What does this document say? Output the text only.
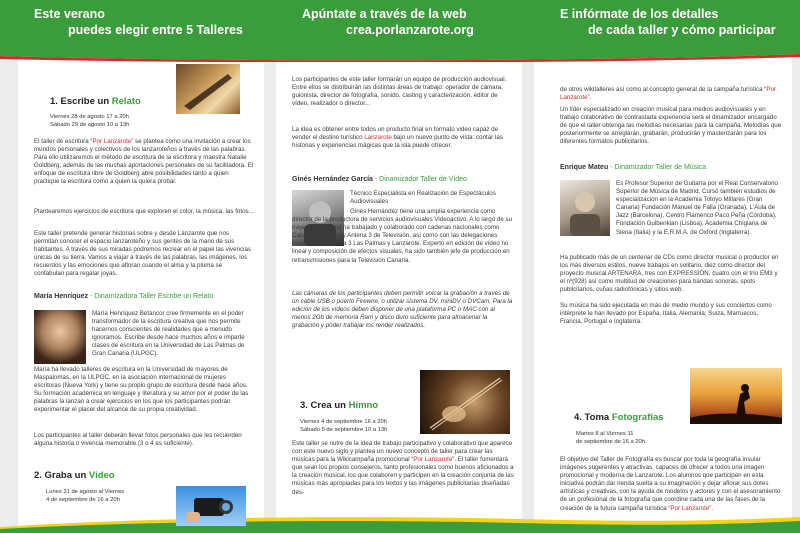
Este verano
puedes elegir entre 5 Talleres
Apúntate a través de la web
crea.porlanzarote.org
E infórmate de los detalles
de cada taller y cómo participar
1. Escribe un Relato
Viernes 28 de agosto 17 a 20h
Sábado 29 de agosto 10 a 13h
El taller de escritura “Por Lanzarote” se plantea como una invitación a crear los mundos personales y colectivos de los lanzaroteños a través de las palabras. Para ello utilizaremos el método de escritura de la escritora y maestra Natalie Goldberg, además de las muchas aportaciones personales de su facilitadora. El enfoque de escritura libre de Goldberg abre posibilidades tanto a quien practique la escritura como a quien la quiera probar.
Plantearemos ejercicios de escritura que exploren el color, la música, las fotos...
Este taller pretende generar historias sobre y desde Lanzarote que nos permitan conocer el espacio lanzaroteño y sus gentes de la mano de sus habitantes. A través de sus miradas podremos recrear en el papel las vivencias únicas de su tierra. Vamos a viajar a través de las palabras, las imágenes, los recuerdos y las emociones que afloran cuando el alma y la pluma se confabulan para regalar joyas.
María Henríquez - Dinamizadora Taller Escribe un Relato
María Henríquez Betancor cree firmemente en el poder transformador de la escritura creativa que nos permite hacernos conscientes de realidades que a menudo ignoramos. Escribe desde hace muchos años e imparte clases de escritura en la Universidad de Las Palmas de Gran Canaria (ULPGC).
María ha llevado talleres de escritura en la Universidad de mayores de Maspalomas, en la ULPGC, en la asociación internacional de mujeres escritoras (Nueva York) y tiene su propio grupo de escritura desde hace años. Su formación académica en lenguaje y literatura y su amor por el poder de las palabras la lanzan a crear ejercicios en los que los participantes podrán experimentar el placer del alcance de su propia creatividad.
Los participantes al taller deberán llevar fotos personales que les recuerden alguna historia o vivencia memorable (3 o 4 es suficiente).
2. Graba un Video
Lunes 31 de agosto al Viernes
4 de septiembre de 16 a 20h
Los participantes de este taller formarán un equipo de producción audiovisual. Entre ellos se distribuirán las distintas áreas de trabajo: operador de cámara, guionista, director de fotografía, sonido, casting y caracterización, editor de vídeo, realizador o director...
La idea es obtener entre todos un producto final en formato video capaz de vender el destino turístico Lanzarote bajo un nuevo punto de vista: contar las historias y experiencias mágicas que la isla puede ofrecer.
Ginés Hernández García - Dinamizador Taller de Vídeo
Técnico Especialista en Realización de Espectáculos Audiovisuales
Ginés Hernández tiene una amplia experiencia como director de la productora de servicios audiovisuales Videoactivo. A lo largo de su trayectoria laboral ha trabajado y colaborado con cadenas nacionales como Canal+, Telecinco y Antena 3 de Televisión, así como con las delegaciones insulares de Antena 3 Las Palmas y Lanzarote. Experto en edición de vídeo no lineal y composición de efectos visuales, ha sido también jefe de producción en retransmisiones para la Televisión Canaria.
Las cámaras de los participantes deben permitir volcar la grabación a través de un cable USB o puerto Firewire, o utilizar sistema DV, miniDV o DVCam. Para la edición de los vídeos deben disponer de una plataforma PC o MAC con al menos 2Gb de memoria Ram y disco duro suficiente para almacenar la grabación y poder trabajar los render realizados.
3. Crea un Himno
Viernes 4 de septiembre 16 a 20h
Sábado 5 de septiembre 10 a 13h
Este taller se nutre de la idea de trabajo participativo y colaborativo que aparece con este nuevo siglo y plantea un nuevo concepto de taller para crear las músicas para la Wikicampaña promocional “Por Lanzarote”. El taller fomentará que sean los propios consejeros, tanto profesionales como buenos aficionados a la creación musical, los que colaboren y participen en la creación conjunta de las músicas más apropiadas para los textos y las imágenes publicitarias diseñadas des-
de otros wikitalleres así como al concepto general de la campaña turística “Por Lanzarote”.
Un líder especializado en creación musical para medios audiovisuales y en trabajo colaborativo de contrastada experiencia será el dinamizador encargado de que el taller obtenga las melodías necesarias para la campaña. Melodías que posteriormente se arreglarán, grabarán, producirán y masterizarán para los diferentes formatos publicitarios.
Enrique Mateu - Dinamizador Taller de Música
Es Profesor Superior de Guitarra por el Real Conservatorio Superior de Música de Madrid. Cursó también estudios de especialización en la Academia Totoyo Millares (Gran Canaria) Fundación Manuel de Falla (Granada), L'Aula de Jazz (Barcelona), Centro Flamenco Paco Peña (Córdoba), Fundación Gulbenkian (Lisboa), Academia Chigiana de Siena (Italia) y la E.R.M.A. de Oxford (Inglaterra).
Ha publicado más de un centenar de CDs como director musical o productor en los más diversos estilos, nueve trabajos en solitario, diez como director del proyecto musical ARTENARA, tres con EXPRESSIÓN, cuatro con el trío EM3 y el nº(928) así como multitud de creaciones para bandas sonoras, spots publicitarios, cuñas radiofónicas y sitios web.
Su música ha sido ejecutada en más de medio mundo y sus conciertos como intérprete le han llevado por España, Italia, Alemania, Suiza, Marruecos, Francia, Portugal e Inglaterra.
4. Toma Fotografías
Martes 8 al Viernes 11
de septiembre de 16 a 20h.
El objetivo del Taller de Fotografía es buscar por toda la geografía insular imágenes sugerentes y atractivas, capaces de ofrecer a todos una imagen promocional y moderna de Lanzarote. Los alumnos que participen en esta iniciativa podrán dar rienda suelta a su imaginación y dejar aflorar sus dotes artísticas y creativas, con la ayuda de modelos y actores y con el asesoramiento de un profesional de la fotografía que coordine cada una de las fases de la creación de la futura campaña turística “Por Lanzarote”.
